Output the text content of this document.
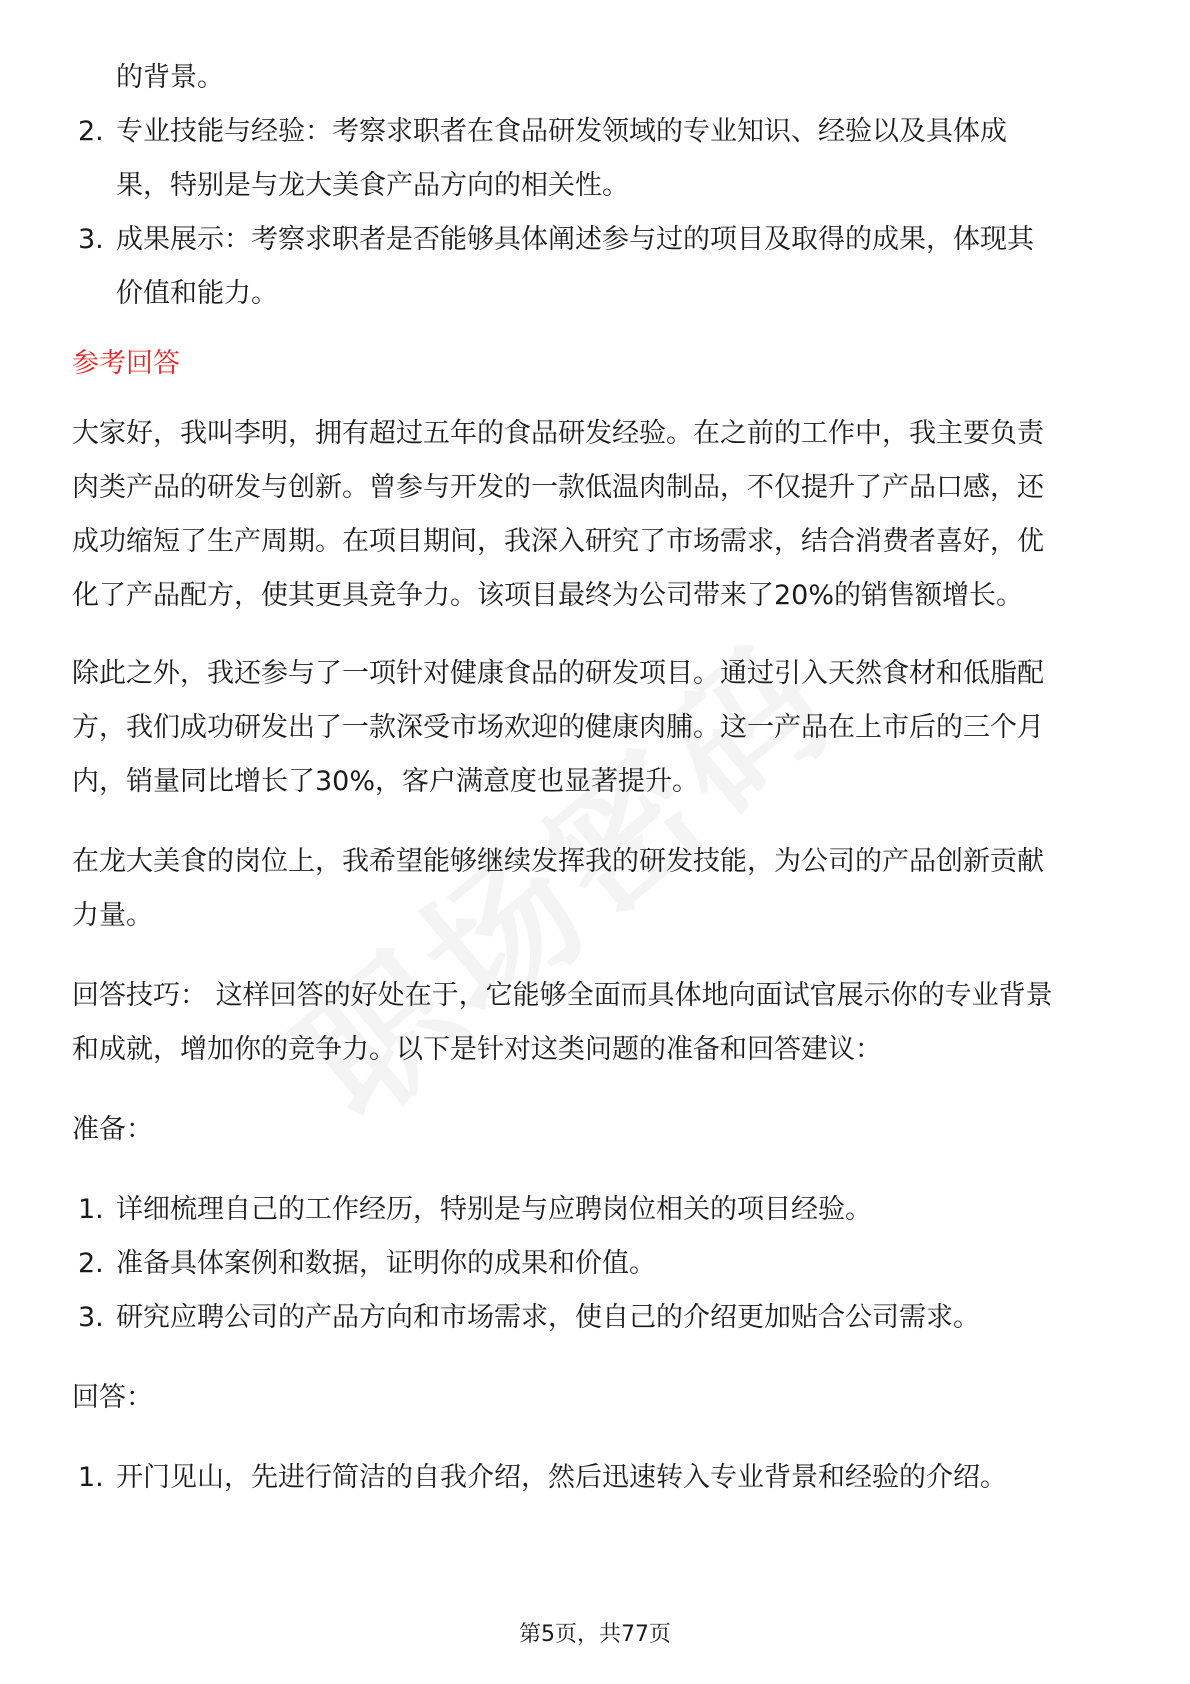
的背景。
2. 专业技能与经验：考察求职者在食品研发领域的专业知识、经验以及具体成
果，特别是与龙大美食产品方向的相关性。
3. 成果展示：考察求职者是否能够具体阐述参与过的项目及取得的成果，体现其
价值和能力。
参考回答
大家好，我叫李明，拥有超过五年的食品研发经验。在之前的工作中，我主要负责
肉类产品的研发与创新。曾参与开发的一款低温肉制品，不仅提升了产品口感，还
成功缩短了生产周期。在项目期间，我深入研究了市场需求，结合消费者喜好，优
化了产品配方，使其更具竞争力。该项目最终为公司带来了20%的销售额增长。
除此之外，我还参与了一项针对健康食品的研发项目。通过引入天然食材和低脂配
方，我们成功研发出了一款深受市场欢迎的健康肉脯。这一产品在上市后的三个月
内，销量同比增长了30%，客户满意度也显著提升。
在龙大美食的岗位上，我希望能够继续发挥我的研发技能，为公司的产品创新贡献
力量。
回答技巧： 这样回答的好处在于，它能够全面而具体地向面试官展示你的专业背景
和成就，增加你的竞争力。以下是针对这类问题的准备和回答建议：
准备：
1. 详细梳理自己的工作经历，特别是与应聘岗位相关的项目经验。
2. 准备具体案例和数据，证明你的成果和价值。
3. 研究应聘公司的产品方向和市场需求，使自己的介绍更加贴合公司需求。
回答：
1. 开门见山，先进行简洁的自我介绍，然后迅速转入专业背景和经验的介绍。
第5页，共77页
